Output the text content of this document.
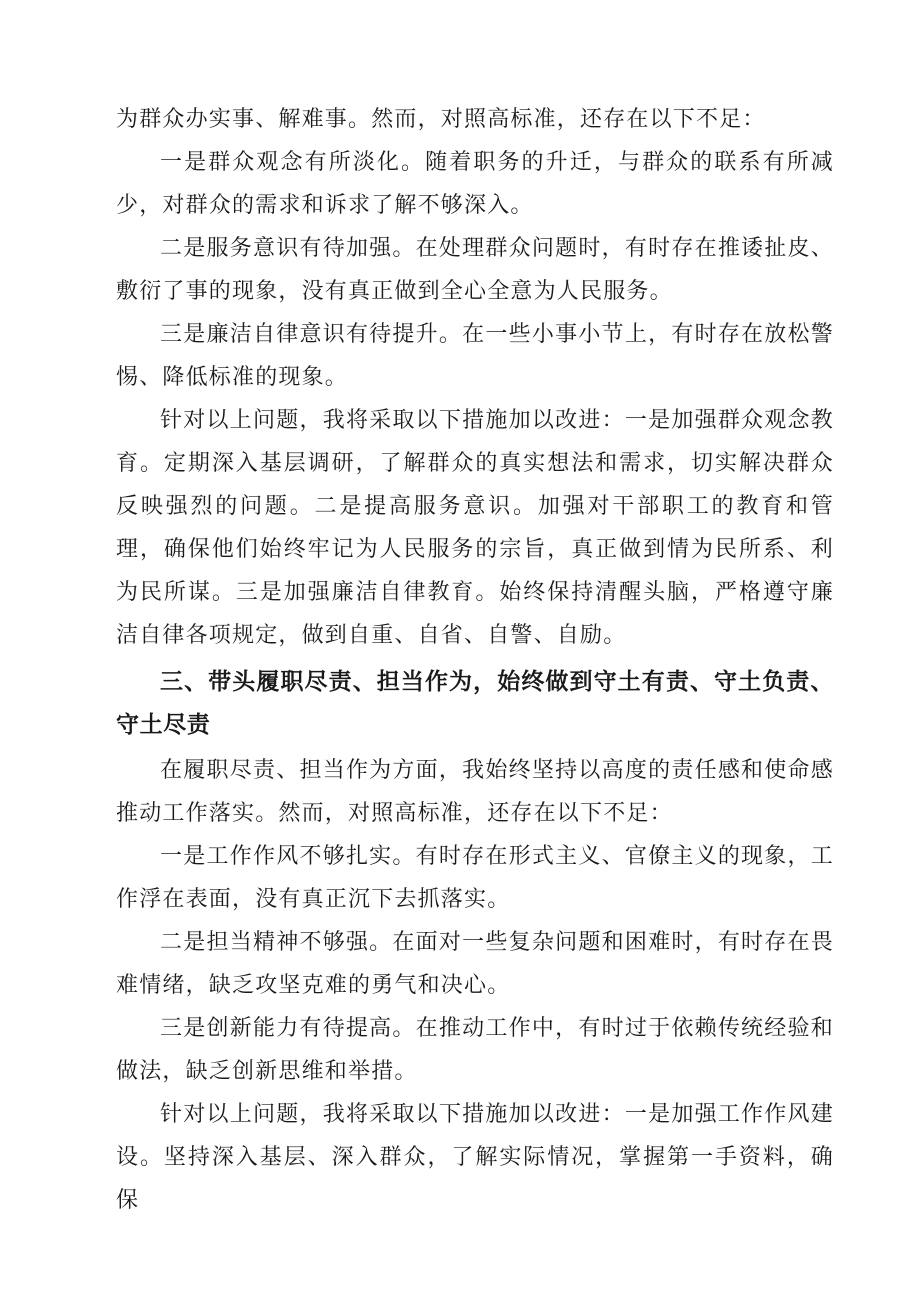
为群众办实事、解难事。然而，对照高标准，还存在以下不足：

一是群众观念有所淡化。随着职务的升迁，与群众的联系有所减少，对群众的需求和诉求了解不够深入。

二是服务意识有待加强。在处理群众问题时，有时存在推诿扯皮、敷衍了事的现象，没有真正做到全心全意为人民服务。

三是廉洁自律意识有待提升。在一些小事小节上，有时存在放松警惕、降低标准的现象。

针对以上问题，我将采取以下措施加以改进：一是加强群众观念教育。定期深入基层调研，了解群众的真实想法和需求，切实解决群众反映强烈的问题。二是提高服务意识。加强对干部职工的教育和管理，确保他们始终牢记为人民服务的宗旨，真正做到情为民所系、利为民所谋。三是加强廉洁自律教育。始终保持清醒头脑，严格遵守廉洁自律各项规定，做到自重、自省、自警、自励。

三、带头履职尽责、担当作为，始终做到守土有责、守土负责、守土尽责

在履职尽责、担当作为方面，我始终坚持以高度的责任感和使命感推动工作落实。然而，对照高标准，还存在以下不足：

一是工作作风不够扎实。有时存在形式主义、官僚主义的现象，工作浮在表面，没有真正沉下去抓落实。

二是担当精神不够强。在面对一些复杂问题和困难时，有时存在畏难情绪，缺乏攻坚克难的勇气和决心。

三是创新能力有待提高。在推动工作中，有时过于依赖传统经验和做法，缺乏创新思维和举措。

针对以上问题，我将采取以下措施加以改进：一是加强工作作风建设。坚持深入基层、深入群众，了解实际情况，掌握第一手资料，确保
